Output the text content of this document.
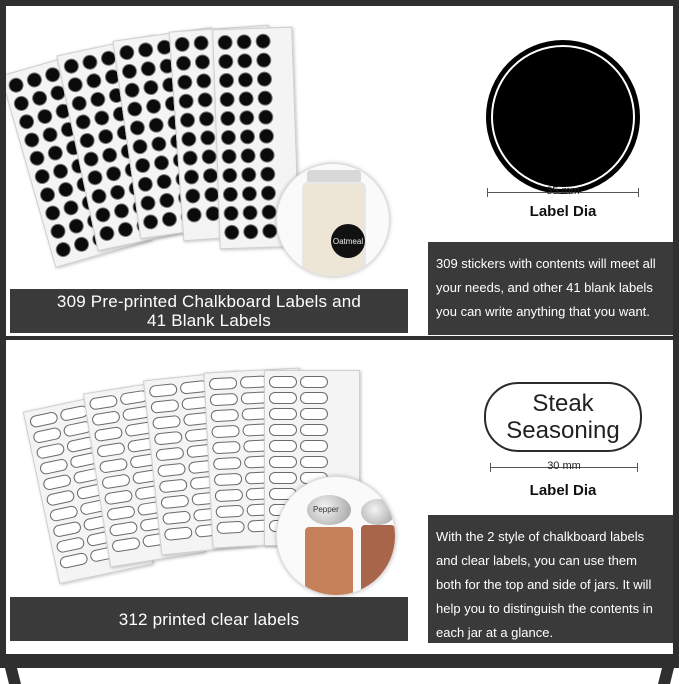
Oatmeal
309 Pre-printed Chalkboard Labels and
41 Blank Labels
35 mm
Label Dia
309 stickers with contents will meet all your needs, and other 41 blank labels you can write anything that you want.
Pepper
312 printed clear labels
Steak
Seasoning
30 mm
Label Dia
With the 2 style of chalkboard labels and clear labels, you can use them both for the top and side of jars. It will help you to distinguish the contents in each jar at a glance.
